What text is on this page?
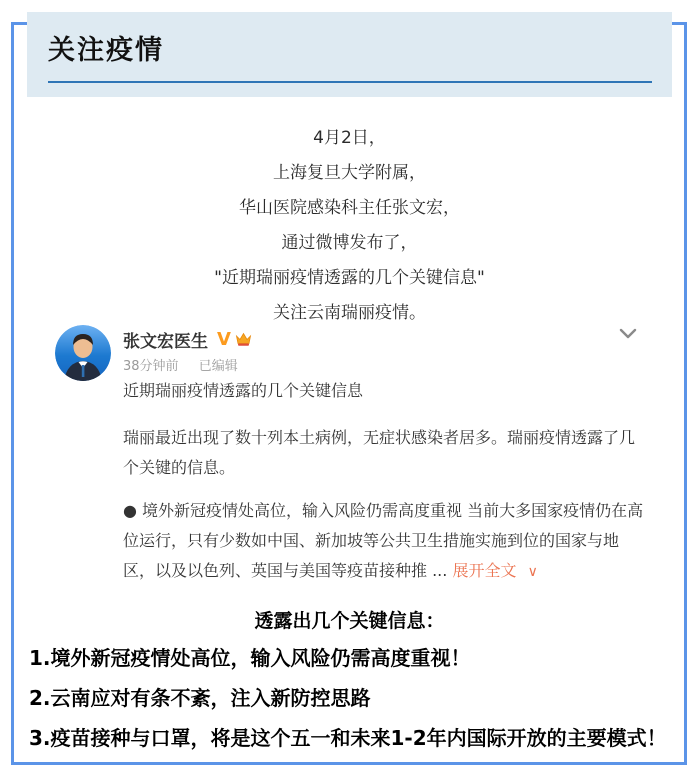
关注疫情
4月2日，
上海复旦大学附属，
华山医院感染科主任张文宏，
通过微博发布了，
"近期瑞丽疫情透露的几个关键信息"
关注云南瑞丽疫情。
张文宏医生 V
38分钟前 已编辑
近期瑞丽疫情透露的几个关键信息
瑞丽最近出现了数十列本土病例，无症状感染者居多。瑞丽疫情透露了几个关键的信息。
● 境外新冠疫情处高位，输入风险仍需高度重视 当前大多国家疫情仍在高位运行，只有少数如中国、新加坡等公共卫生措施实施到位的国家与地区，以及以色列、英国与美国等疫苗接种推 ... 展开全文 ∨
透露出几个关键信息：
1.境外新冠疫情处高位，输入风险仍需高度重视！
2.云南应对有条不紊，注入新防控思路
3.疫苗接种与口罩，将是这个五一和未来1-2年内国际开放的主要模式！
